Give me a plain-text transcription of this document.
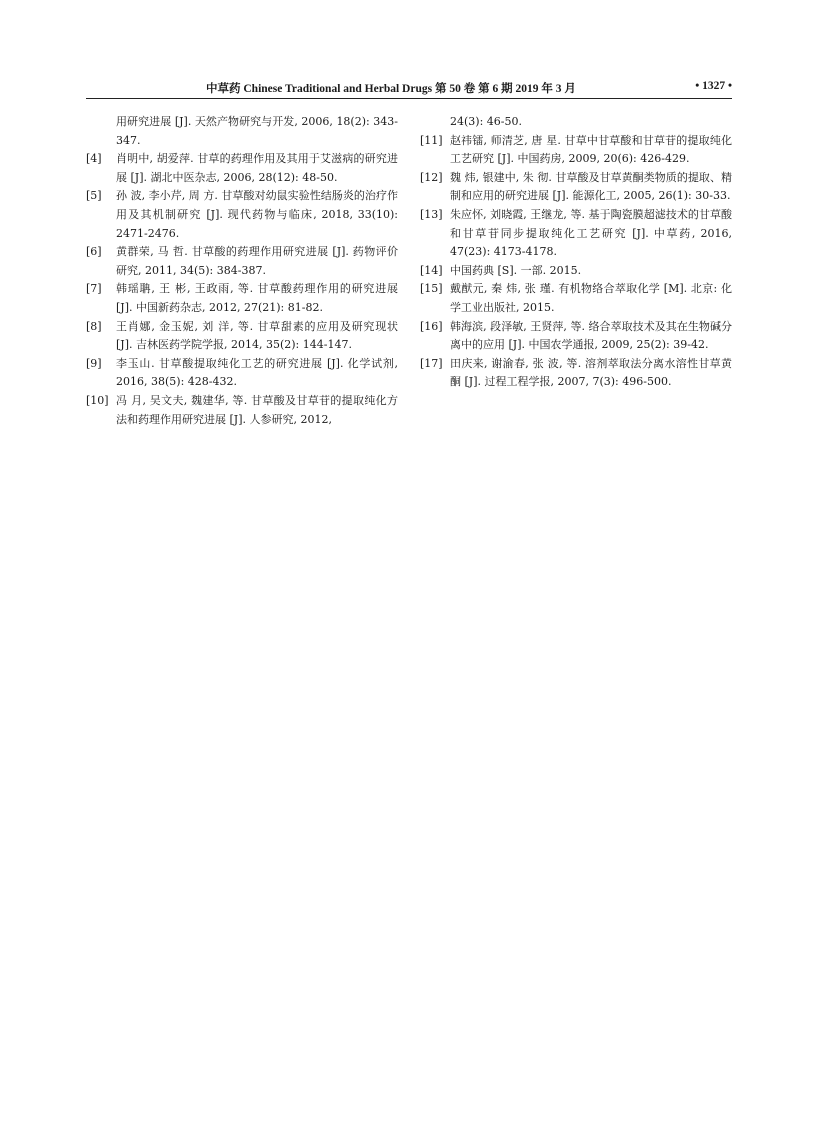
中草药 Chinese Traditional and Herbal Drugs 第 50 卷 第 6 期 2019 年 3 月	• 1327 •

用研究进展 [J]. 天然产物研究与开发, 2006, 18(2): 343-347.

[4] 肖明中, 胡爱萍. 甘草的药理作用及其用于艾滋病的研究进展 [J]. 湖北中医杂志, 2006, 28(12): 48-50.

[5] 孙 波, 李小芹, 周 方. 甘草酸对幼鼠实验性结肠炎的治疗作用及其机制研究 [J]. 现代药物与临床, 2018, 33(10): 2471-2476.

[6] 黄群荣, 马 哲. 甘草酸的药理作用研究进展 [J]. 药物评价研究, 2011, 34(5): 384-387.

[7] 韩瑶聃, 王 彬, 王政雨, 等. 甘草酸药理作用的研究进展 [J]. 中国新药杂志, 2012, 27(21): 81-82.

[8] 王肖娜, 金玉妮, 刘 洋, 等. 甘草甜素的应用及研究现状 [J]. 吉林医药学院学报, 2014, 35(2): 144-147.

[9] 李玉山. 甘草酸提取纯化工艺的研究进展 [J]. 化学试剂, 2016, 38(5): 428-432.

[10] 冯 月, 吴文夫, 魏建华, 等. 甘草酸及甘草苷的提取纯化方法和药理作用研究进展 [J]. 人参研究, 2012,

24(3): 46-50.

[11] 赵祎镭, 师清芝, 唐 星. 甘草中甘草酸和甘草苷的提取纯化工艺研究 [J]. 中国药房, 2009, 20(6): 426-429.

[12] 魏 炜, 银建中, 朱 彻. 甘草酸及甘草黄酮类物质的提取、精制和应用的研究进展 [J]. 能源化工, 2005, 26(1): 30-33.

[13] 朱应怀, 刘晓霞, 王继龙, 等. 基于陶瓷膜超滤技术的甘草酸和甘草苷同步提取纯化工艺研究 [J]. 中草药, 2016, 47(23): 4173-4178.

[14] 中国药典 [S]. 一部. 2015.

[15] 戴猷元, 秦 炜, 张 瑾. 有机物络合萃取化学 [M]. 北京: 化学工业出版社, 2015.

[16] 韩海滨, 段泽敏, 王贤萍, 等. 络合萃取技术及其在生物碱分离中的应用 [J]. 中国农学通报, 2009, 25(2): 39-42.

[17] 田庆来, 谢渝春, 张 波, 等. 溶剂萃取法分离水溶性甘草黄酮 [J]. 过程工程学报, 2007, 7(3): 496-500.
